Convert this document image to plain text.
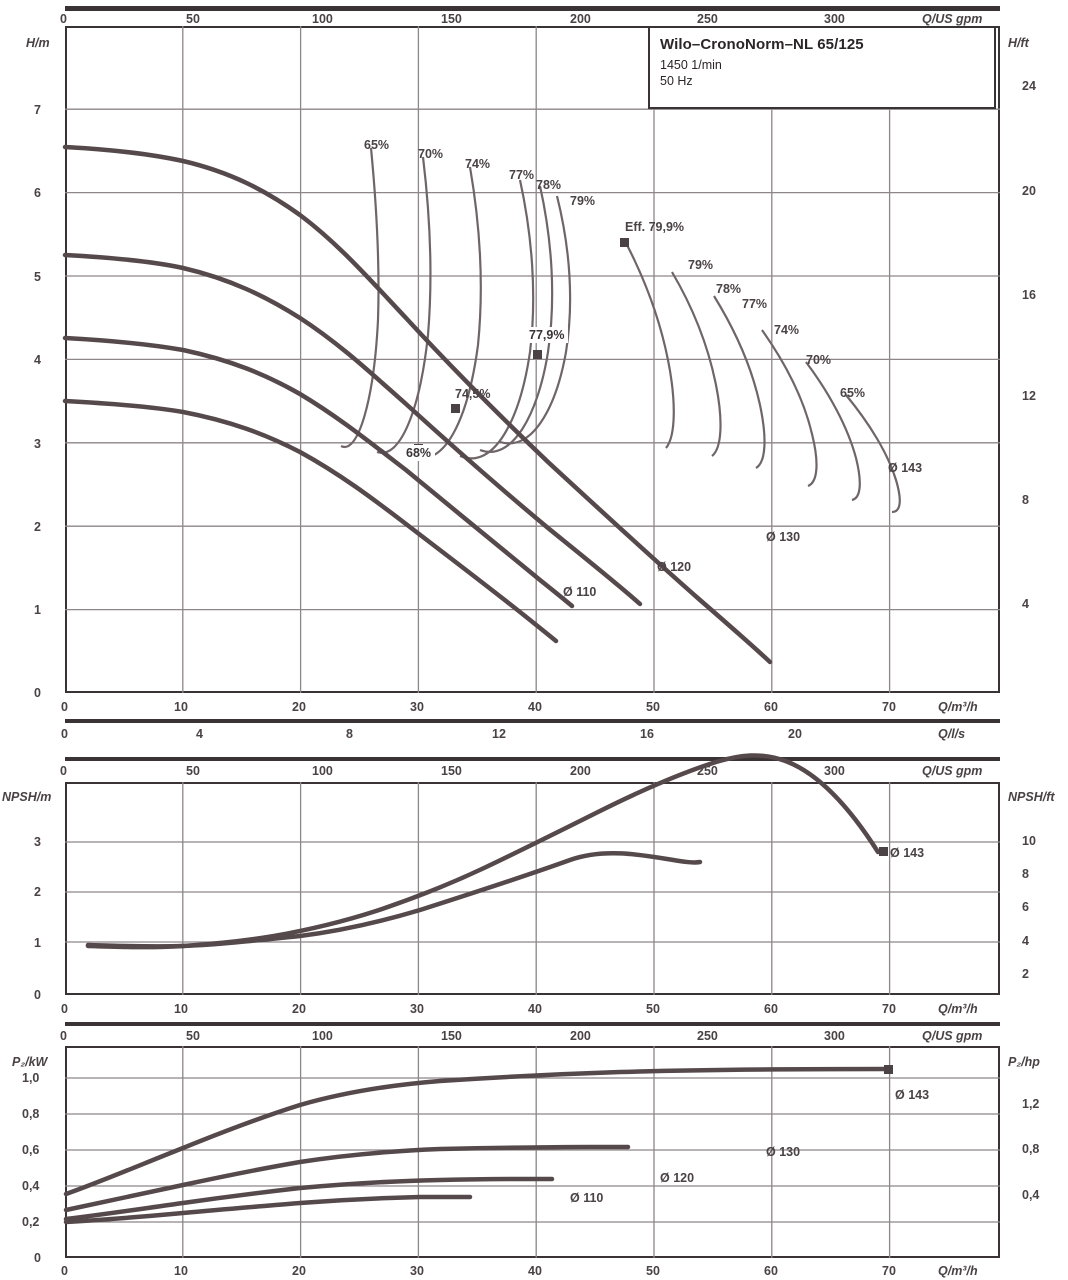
0	50	100	150	200	250	300	Q/US gpm
H/m	H/ft
7
6
5
4
3
2
1
0
24
20
16
12
8
4
Wilo–CronoNorm–NL 65/125
1450 1/min
50 Hz
65%
70%
74%
77%
78%
79%
79%
78%
77%
74%
70%
65%
Eff. 79,9%
77,9%
74,5%
68%
Ø 143
Ø 130
Ø 120
Ø 110
0	10	20	30	40	50	60	70	Q/m³/h
0	4	8	12	16	20	Q/l/s
0	50	100	150	200	250	300	Q/US gpm
NPSH/m	NPSH/ft
3
2
1
0
10
8
6
4
2
Ø 143
0	10	20	30	40	50	60	70	Q/m³/h
0	50	100	150	200	250	300	Q/US gpm
P₂/kW	P₂/hp
1,0
0,8
0,6
0,4
0,2
0
1,2
0,8
0,4
Ø 143
Ø 130
Ø 120
Ø 110
0	10	20	30	40	50	60	70	Q/m³/h
